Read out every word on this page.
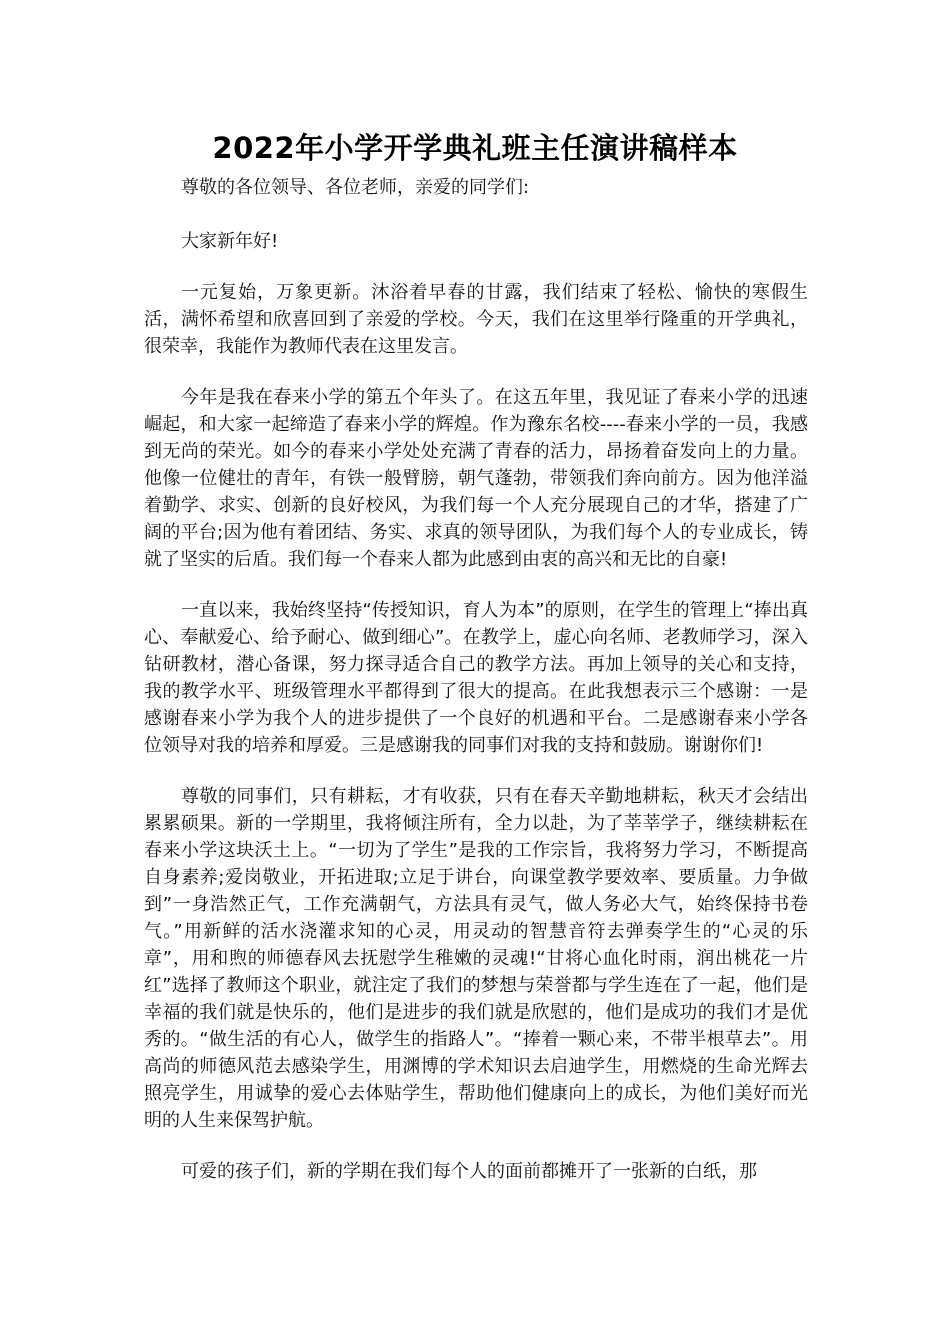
2022年小学开学典礼班主任演讲稿样本

尊敬的各位领导、各位老师，亲爱的同学们:

大家新年好!

一元复始，万象更新。沐浴着早春的甘露，我们结束了轻松、愉快的寒假生活，满怀希望和欣喜回到了亲爱的学校。今天，我们在这里举行隆重的开学典礼，很荣幸，我能作为教师代表在这里发言。

今年是我在春来小学的第五个年头了。在这五年里，我见证了春来小学的迅速崛起，和大家一起缔造了春来小学的辉煌。作为豫东名校----春来小学的一员，我感到无尚的荣光。如今的春来小学处处充满了青春的活力，昂扬着奋发向上的力量。他像一位健壮的青年，有铁一般臂膀，朝气蓬勃，带领我们奔向前方。因为他洋溢着勤学、求实、创新的良好校风，为我们每一个人充分展现自己的才华，搭建了广阔的平台;因为他有着团结、务实、求真的领导团队，为我们每个人的专业成长，铸就了坚实的后盾。我们每一个春来人都为此感到由衷的高兴和无比的自豪!

一直以来，我始终坚持“传授知识，育人为本”的原则，在学生的管理上“捧出真心、奉献爱心、给予耐心、做到细心”。在教学上，虚心向名师、老教师学习，深入钻研教材，潜心备课，努力探寻适合自己的教学方法。再加上领导的关心和支持，我的教学水平、班级管理水平都得到了很大的提高。在此我想表示三个感谢：一是感谢春来小学为我个人的进步提供了一个良好的机遇和平台。二是感谢春来小学各位领导对我的培养和厚爱。三是感谢我的同事们对我的支持和鼓励。谢谢你们!

尊敬的同事们，只有耕耘，才有收获，只有在春天辛勤地耕耘，秋天才会结出累累硕果。新的一学期里，我将倾注所有，全力以赴，为了莘莘学子，继续耕耘在春来小学这块沃土上。“一切为了学生”是我的工作宗旨，我将努力学习，不断提高自身素养;爱岗敬业，开拓进取;立足于讲台，向课堂教学要效率、要质量。力争做到”一身浩然正气，工作充满朝气，方法具有灵气，做人务必大气，始终保持书卷气。”用新鲜的活水浇灌求知的心灵，用灵动的智慧音符去弹奏学生的“心灵的乐章”，用和煦的师德春风去抚慰学生稚嫩的灵魂!“甘将心血化时雨，润出桃花一片红”选择了教师这个职业，就注定了我们的梦想与荣誉都与学生连在了一起，他们是幸福的我们就是快乐的，他们是进步的我们就是欣慰的，他们是成功的我们才是优秀的。“做生活的有心人，做学生的指路人”。“捧着一颗心来，不带半根草去”。用高尚的师德风范去感染学生，用渊博的学术知识去启迪学生，用燃烧的生命光辉去照亮学生，用诚挚的爱心去体贴学生，帮助他们健康向上的成长，为他们美好而光明的人生来保驾护航。

可爱的孩子们，新的学期在我们每个人的面前都摊开了一张新的白纸，那
